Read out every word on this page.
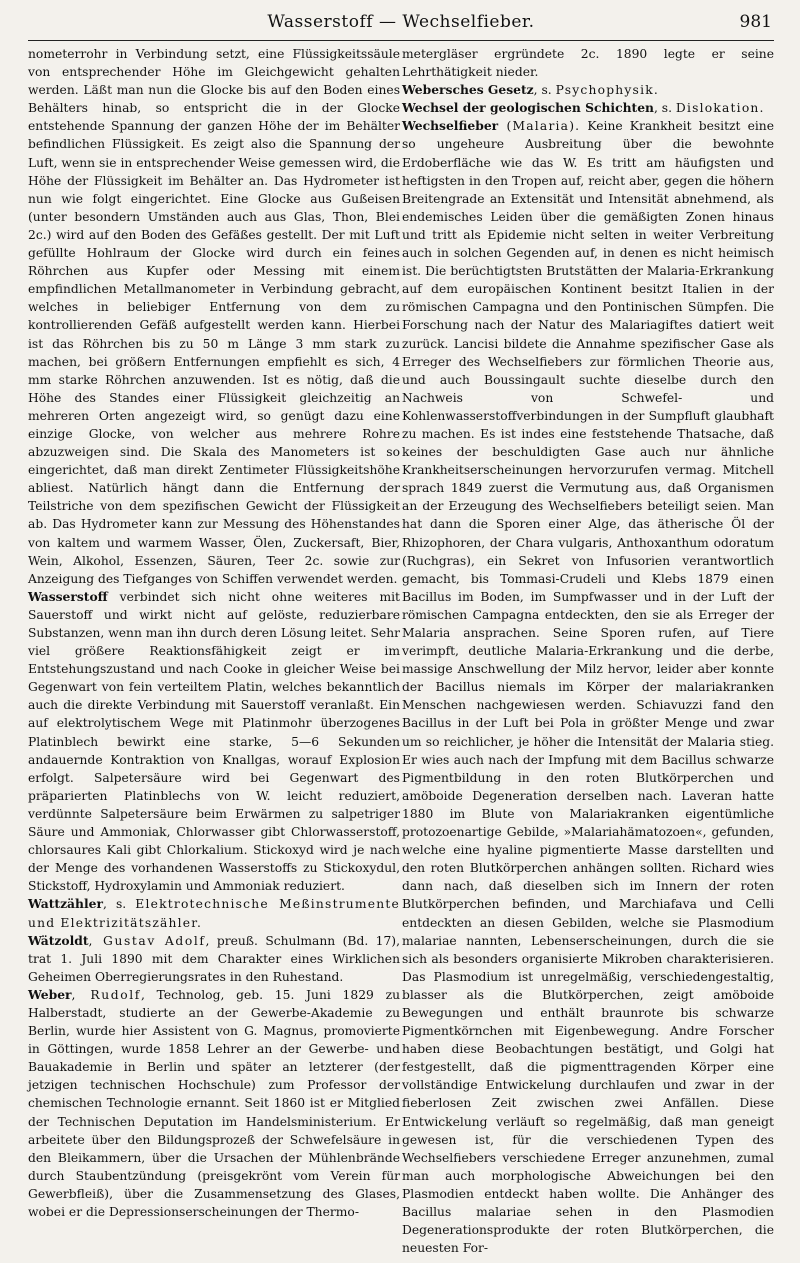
Wasserstoff — Wechselfieber.	981

nometerrohr in Verbindung setzt, eine Flüssigkeitssäule von entsprechender Höhe im Gleichgewicht gehalten werden. Läßt man nun die Glocke bis auf den Boden eines Behälters hinab, so entspricht die in der Glocke entstehende Spannung der ganzen Höhe der im Behälter befindlichen Flüssigkeit. Es zeigt also die Spannung der Luft, wenn sie in entsprechender Weise gemessen wird, die Höhe der Flüssigkeit im Behälter an. Das Hydrometer ist nun wie folgt eingerichtet. Eine Glocke aus Gußeisen (unter besondern Umständen auch aus Glas, Thon, Blei 2c.) wird auf den Boden des Gefäßes gestellt. Der mit Luft gefüllte Hohlraum der Glocke wird durch ein feines Röhrchen aus Kupfer oder Messing mit einem empfindlichen Metallmanometer in Verbindung gebracht, welches in beliebiger Entfernung von dem zu kontrollierenden Gefäß aufgestellt werden kann. Hierbei ist das Röhrchen bis zu 50 m Länge 3 mm stark zu machen, bei größern Entfernungen empfiehlt es sich, 4 mm starke Röhrchen anzuwenden. Ist es nötig, daß die Höhe des Standes einer Flüssigkeit gleichzeitig an mehreren Orten angezeigt wird, so genügt dazu eine einzige Glocke, von welcher aus mehrere Rohre abzuzweigen sind. Die Skala des Manometers ist so eingerichtet, daß man direkt Zentimeter Flüssigkeitshöhe abliest. Natürlich hängt dann die Entfernung der Teilstriche von dem spezifischen Gewicht der Flüssigkeit ab. Das Hydrometer kann zur Messung des Höhenstandes von kaltem und warmem Wasser, Ölen, Zuckersaft, Bier, Wein, Alkohol, Essenzen, Säuren, Teer 2c. sowie zur Anzeigung des Tiefganges von Schiffen verwendet werden.

Wasserstoff verbindet sich nicht ohne weiteres mit Sauerstoff und wirkt nicht auf gelöste, reduzierbare Substanzen, wenn man ihn durch deren Lösung leitet. Sehr viel größere Reaktionsfähigkeit zeigt er im Entstehungszustand und nach Cooke in gleicher Weise bei Gegenwart von fein verteiltem Platin, welches bekanntlich auch die direkte Verbindung mit Sauerstoff veranlaßt. Ein auf elektrolytischem Wege mit Platinmohr überzogenes Platinblech bewirkt eine starke, 5—6 Sekunden andauernde Kontraktion von Knallgas, worauf Explosion erfolgt. Salpetersäure wird bei Gegenwart des präparierten Platinblechs von W. leicht reduziert, verdünnte Salpetersäure beim Erwärmen zu salpetriger Säure und Ammoniak, Chlorwasser gibt Chlorwasserstoff, chlorsaures Kali gibt Chlorkalium. Stickoxyd wird je nach der Menge des vorhandenen Wasserstoffs zu Stickoxydul, Stickstoff, Hydroxylamin und Ammoniak reduziert.

Wattzähler, s. Elektrotechnische Meßinstrumente und Elektrizitätszähler.

Wätzoldt, Gustav Adolf, preuß. Schulmann (Bd. 17), trat 1. Juli 1890 mit dem Charakter eines Wirklichen Geheimen Oberregierungsrates in den Ruhestand.

Weber, Rudolf, Technolog, geb. 15. Juni 1829 zu Halberstadt, studierte an der Gewerbe-Akademie zu Berlin, wurde hier Assistent von G. Magnus, promovierte in Göttingen, wurde 1858 Lehrer an der Gewerbe- und Bauakademie in Berlin und später an letzterer (der jetzigen technischen Hochschule) zum Professor der chemischen Technologie ernannt. Seit 1860 ist er Mitglied der Technischen Deputation im Handelsministerium. Er arbeitete über den Bildungsprozeß der Schwefelsäure in den Bleikammern, über die Ursachen der Mühlenbrände durch Staubentzündung (preisgekrönt vom Verein für Gewerbfleiß), über die Zusammensetzung des Glases, wobei er die Depressionserscheinungen der Thermo-

metergläser ergründete 2c. 1890 legte er seine Lehrthätigkeit nieder.

Webersches Gesetz, s. Psychophysik.

Wechsel der geologischen Schichten, s. Dislokation.

Wechselfieber (Malaria). Keine Krankheit besitzt eine so ungeheure Ausbreitung über die bewohnte Erdoberfläche wie das W. Es tritt am häufigsten und heftigsten in den Tropen auf, reicht aber, gegen die höhern Breitengrade an Extensität und Intensität abnehmend, als endemisches Leiden über die gemäßigten Zonen hinaus und tritt als Epidemie nicht selten in weiter Verbreitung auch in solchen Gegenden auf, in denen es nicht heimisch ist. Die berüchtigtsten Brutstätten der Malaria-Erkrankung auf dem europäischen Kontinent besitzt Italien in der römischen Campagna und den Pontinischen Sümpfen. Die Forschung nach der Natur des Malariagiftes datiert weit zurück. Lancisi bildete die Annahme spezifischer Gase als Erreger des Wechselfiebers zur förmlichen Theorie aus, und auch Boussingault suchte dieselbe durch den Nachweis von Schwefel- und Kohlenwasserstoffverbindungen in der Sumpfluft glaubhaft zu machen. Es ist indes eine feststehende Thatsache, daß keines der beschuldigten Gase auch nur ähnliche Krankheitserscheinungen hervorzurufen vermag. Mitchell sprach 1849 zuerst die Vermutung aus, daß Organismen an der Erzeugung des Wechselfiebers beteiligt seien. Man hat dann die Sporen einer Alge, das ätherische Öl der Rhizophoren, der Chara vulgaris, Anthoxanthum odoratum (Ruchgras), ein Sekret von Infusorien verantwortlich gemacht, bis Tommasi-Crudeli und Klebs 1879 einen Bacillus im Boden, im Sumpfwasser und in der Luft der römischen Campagna entdeckten, den sie als Erreger der Malaria ansprachen. Seine Sporen rufen, auf Tiere verimpft, deutliche Malaria-Erkrankung und die derbe, massige Anschwellung der Milz hervor, leider aber konnte der Bacillus niemals im Körper der malariakranken Menschen nachgewiesen werden. Schiavuzzi fand den Bacillus in der Luft bei Pola in größter Menge und zwar um so reichlicher, je höher die Intensität der Malaria stieg. Er wies auch nach der Impfung mit dem Bacillus schwarze Pigmentbildung in den roten Blutkörperchen und amöboide Degeneration derselben nach. Laveran hatte 1880 im Blute von Malariakranken eigentümliche protozoenartige Gebilde, »Malariahämatozoen«, gefunden, welche eine hyaline pigmentierte Masse darstellten und den roten Blutkörperchen anhängen sollten. Richard wies dann nach, daß dieselben sich im Innern der roten Blutkörperchen befinden, und Marchiafava und Celli entdeckten an diesen Gebilden, welche sie Plasmodium malariae nannten, Lebenserscheinungen, durch die sie sich als besonders organisierte Mikroben charakterisieren. Das Plasmodium ist unregelmäßig, verschiedengestaltig, blasser als die Blutkörperchen, zeigt amöboide Bewegungen und enthält braunrote bis schwarze Pigmentkörnchen mit Eigenbewegung. Andre Forscher haben diese Beobachtungen bestätigt, und Golgi hat festgestellt, daß die pigmenttragenden Körper eine vollständige Entwickelung durchlaufen und zwar in der fieberlosen Zeit zwischen zwei Anfällen. Diese Entwickelung verläuft so regelmäßig, daß man geneigt gewesen ist, für die verschiedenen Typen des Wechselfiebers verschiedene Erreger anzunehmen, zumal man auch morphologische Abweichungen bei den Plasmodien entdeckt haben wollte. Die Anhänger des Bacillus malariae sehen in den Plasmodien Degenerationsprodukte der roten Blutkörperchen, die neuesten For-
